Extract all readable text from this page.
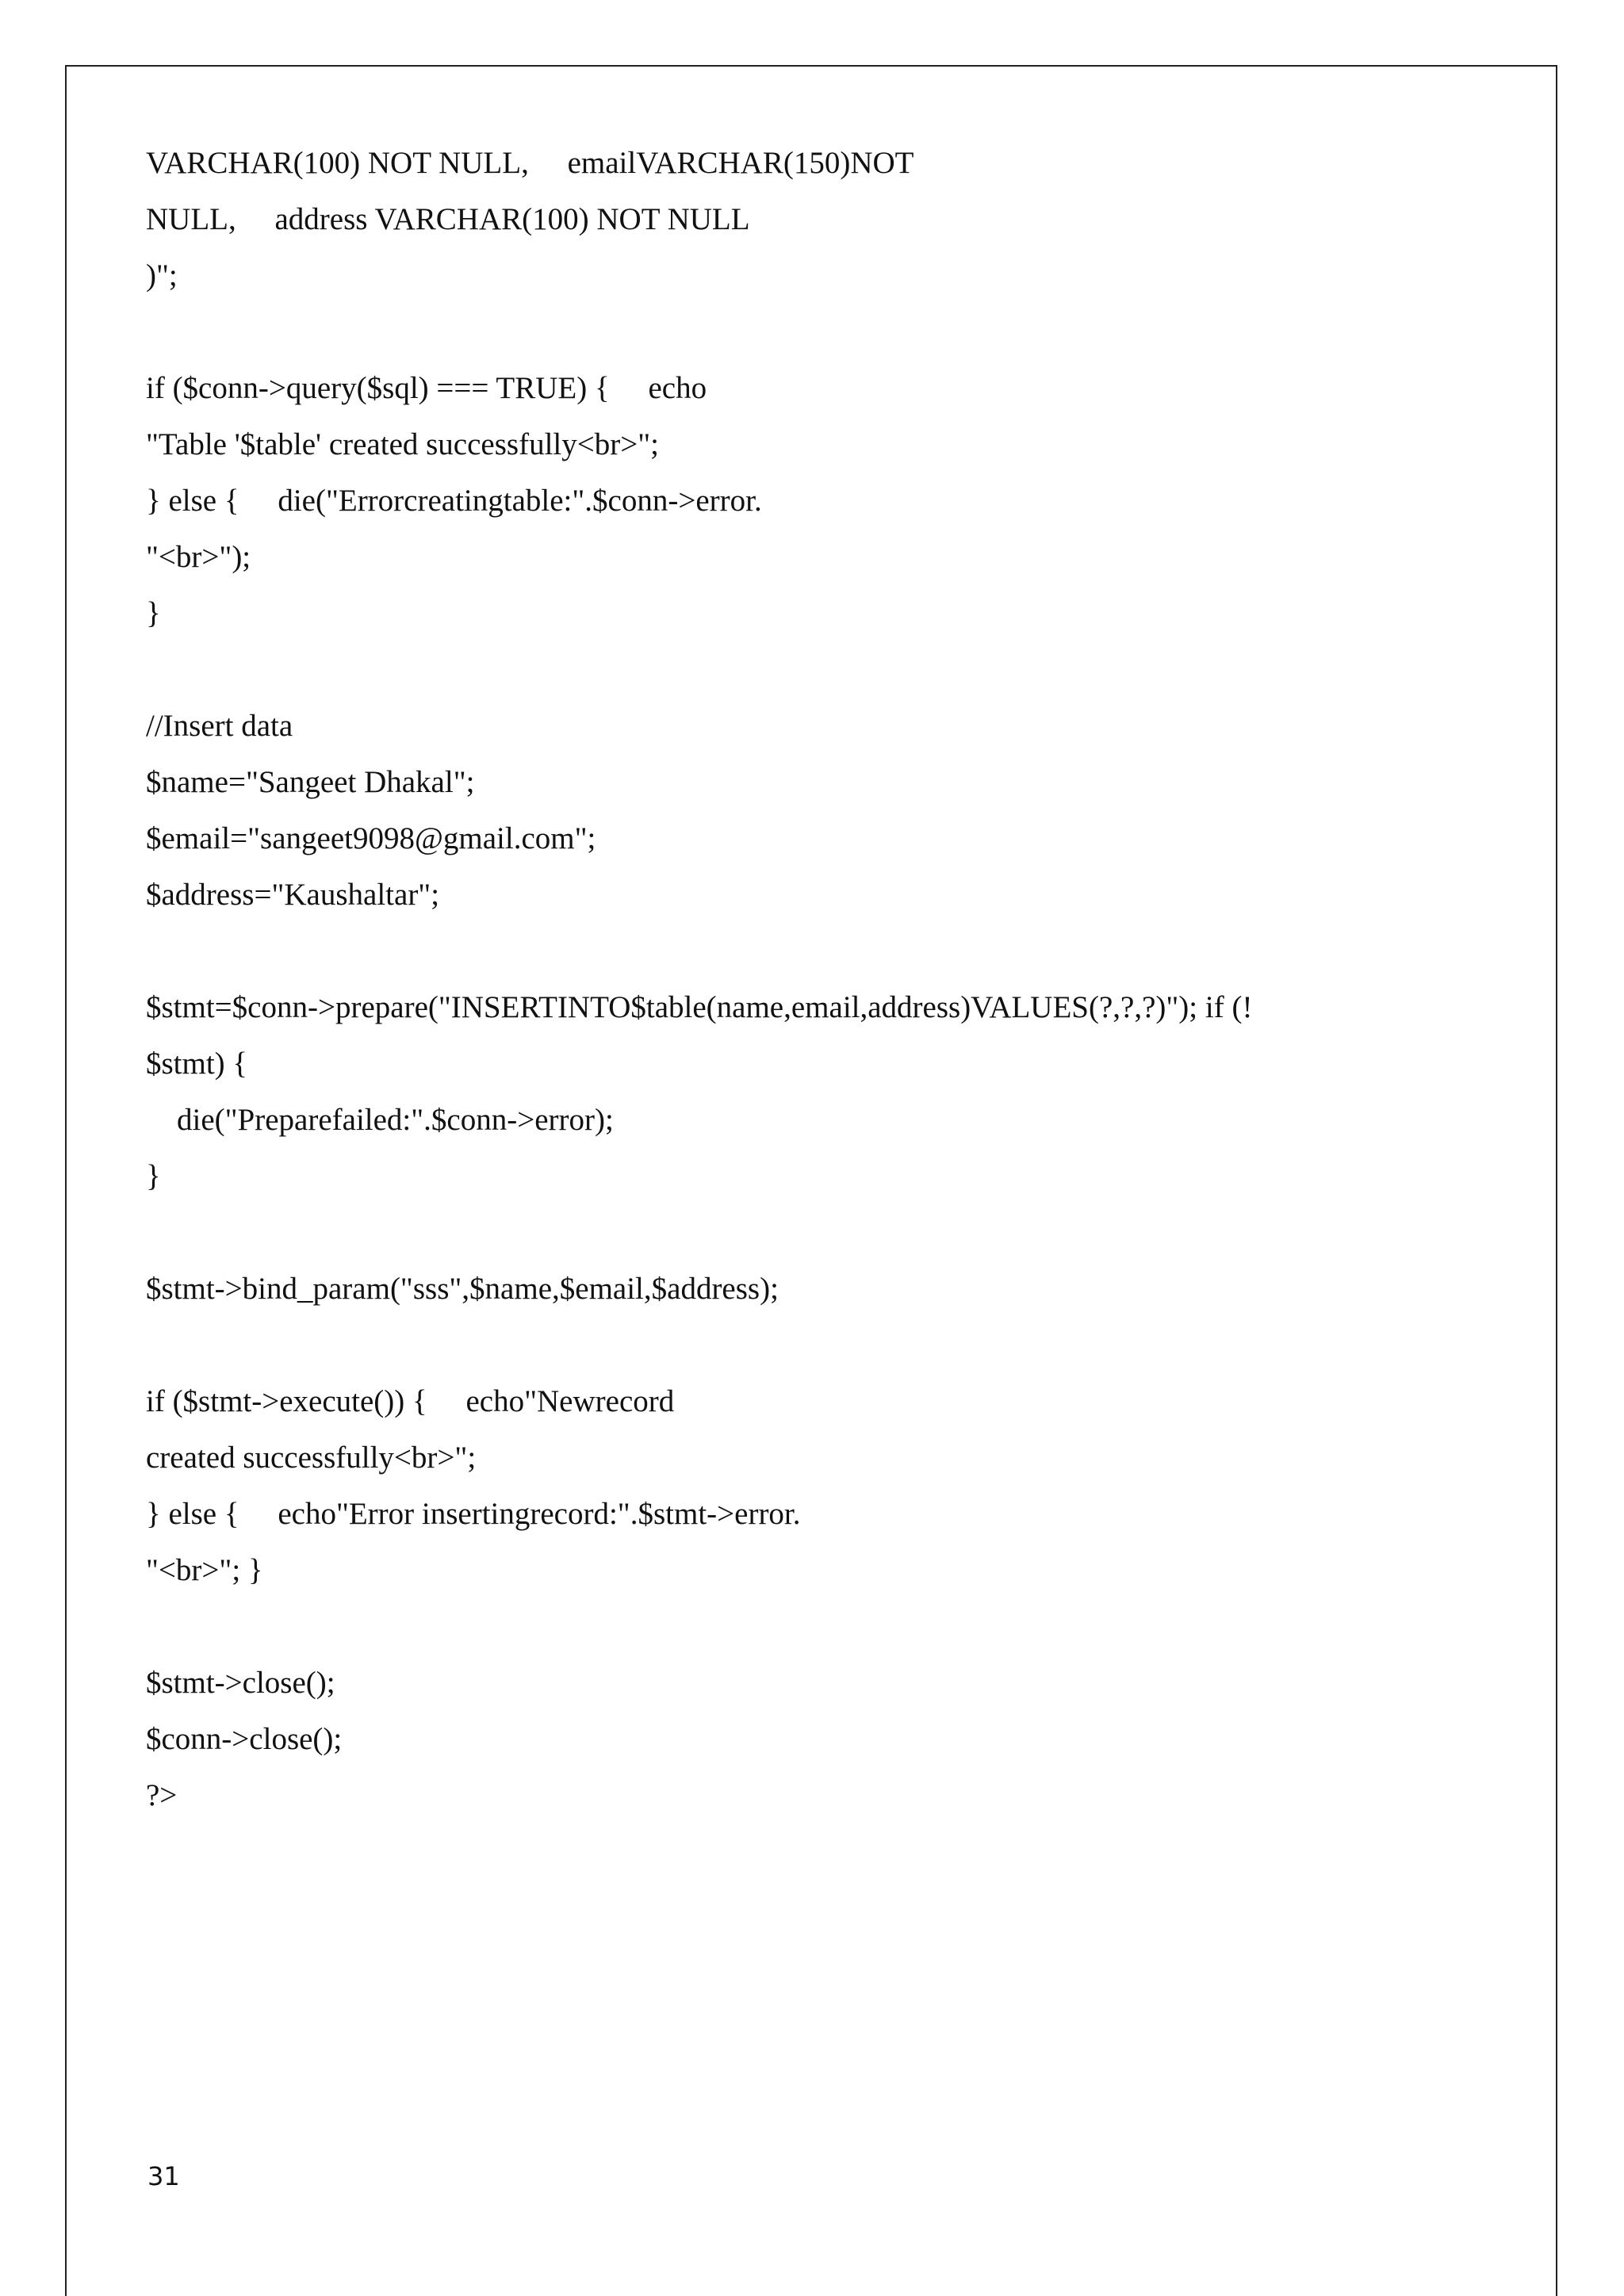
VARCHAR(100) NOT NULL,     emailVARCHAR(150)NOT
NULL,     address VARCHAR(100) NOT NULL
)";
if ($conn->query($sql) === TRUE) {     echo
"Table '$table' created successfully<br>";
} else {     die("Errorcreatingtable:".$conn->error.
"<br>");
}
//Insert data
$name="Sangeet Dhakal";
$email="sangeet9098@gmail.com";
$address="Kaushaltar";
$stmt=$conn->prepare("INSERTINTO$table(name,email,address)VALUES(?,?,?)"); if (!
$stmt) {
die("Preparefailed:".$conn->error);
}
$stmt->bind_param("sss",$name,$email,$address);
if ($stmt->execute()) {     echo"Newrecord
created successfully<br>";
} else {     echo"Error insertingrecord:".$stmt->error.
"<br>"; }
$stmt->close();
$conn->close();
?>
31
